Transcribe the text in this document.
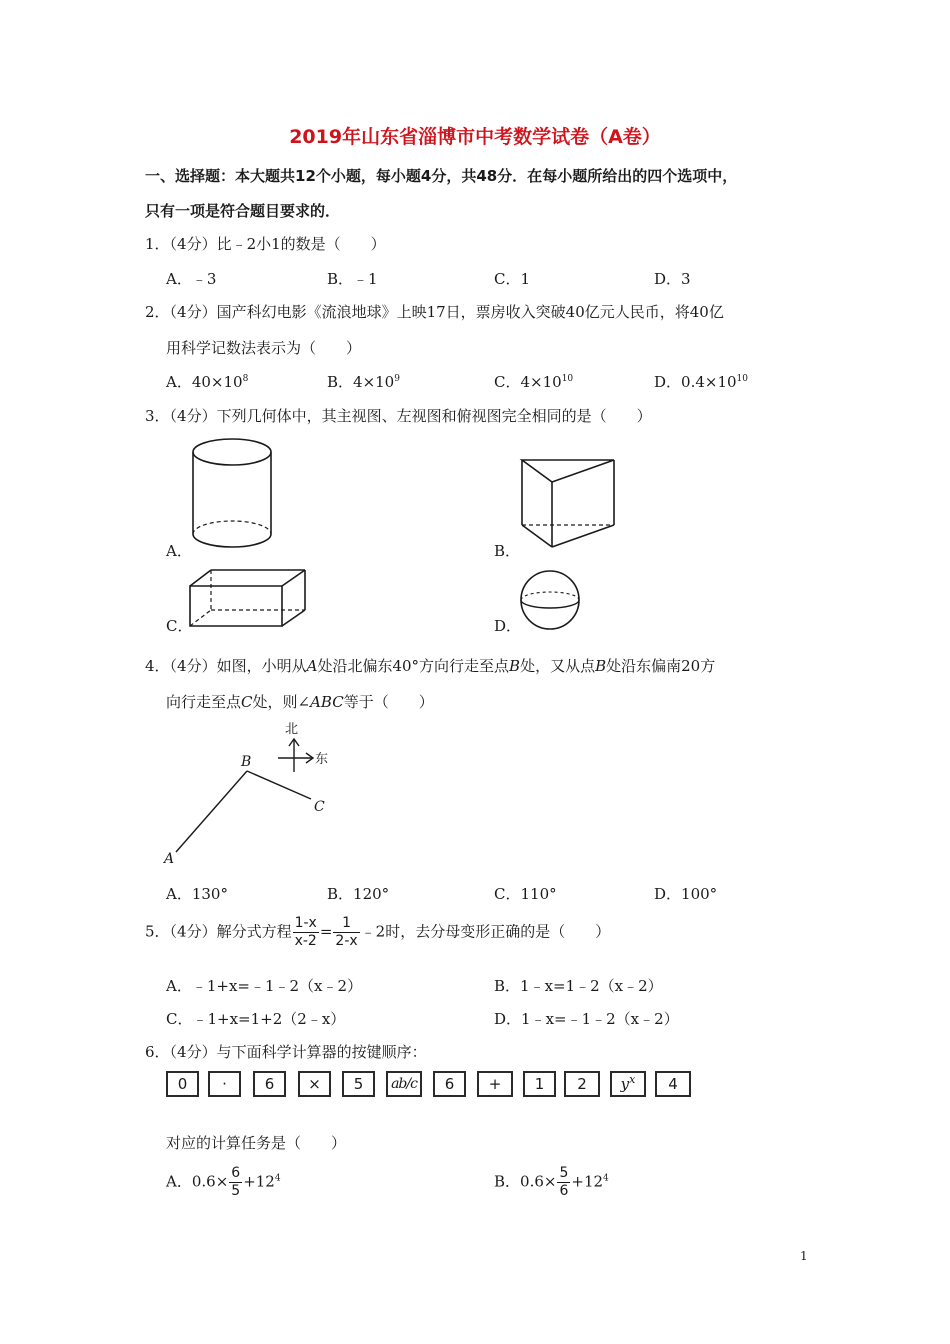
2019年山东省淄博市中考数学试卷（A卷）
一、选择题：本大题共12个小题，每小题4分，共48分．在每小题所给出的四个选项中，
只有一项是符合题目要求的．
1．（4分）比﹣2小1的数是（　　）
A．﹣3	B．﹣1	C．1	D．3
2．（4分）国产科幻电影《流浪地球》上映17日，票房收入突破40亿元人民币，将40亿
用科学记数法表示为（　　）
A．$40\times 10^8$	B．$4\times 10^9$	C．$4\times 10^{10}$	D．$0.4\times 10^{10}$
3．（4分）下列几何体中，其主视图、左视图和俯视图完全相同的是（　　）
A．	B．
C．	D．
4．（4分）如图，小明从A处沿北偏东40°方向行走至点B处，又从点B处沿东偏南20方
向行走至点C处，则∠ABC等于（　　）
A
B
C
北
东
A．130°	B．120°	C．110°	D．100°
5．（4分）解分式方程 $\frac{1-x}{x-2} = \frac{1}{2-x}$ ﹣2时，去分母变形正确的是（　　）
A．﹣1+x=﹣1﹣2（x﹣2）	B．1﹣x=1﹣2（x﹣2）
C．﹣1+x=1+2（2﹣x）	D．1﹣x=﹣1﹣2（x﹣2）
6．（4分）与下面科学计算器的按键顺序：
0	·	6	×	5	ab/c	6	+	1	2	$y^x$	4
对应的计算任务是（　　）
A．$0.6\times \frac{6}{5} +12^4$	B．$0.6\times \frac{5}{6} +12^4$
1
